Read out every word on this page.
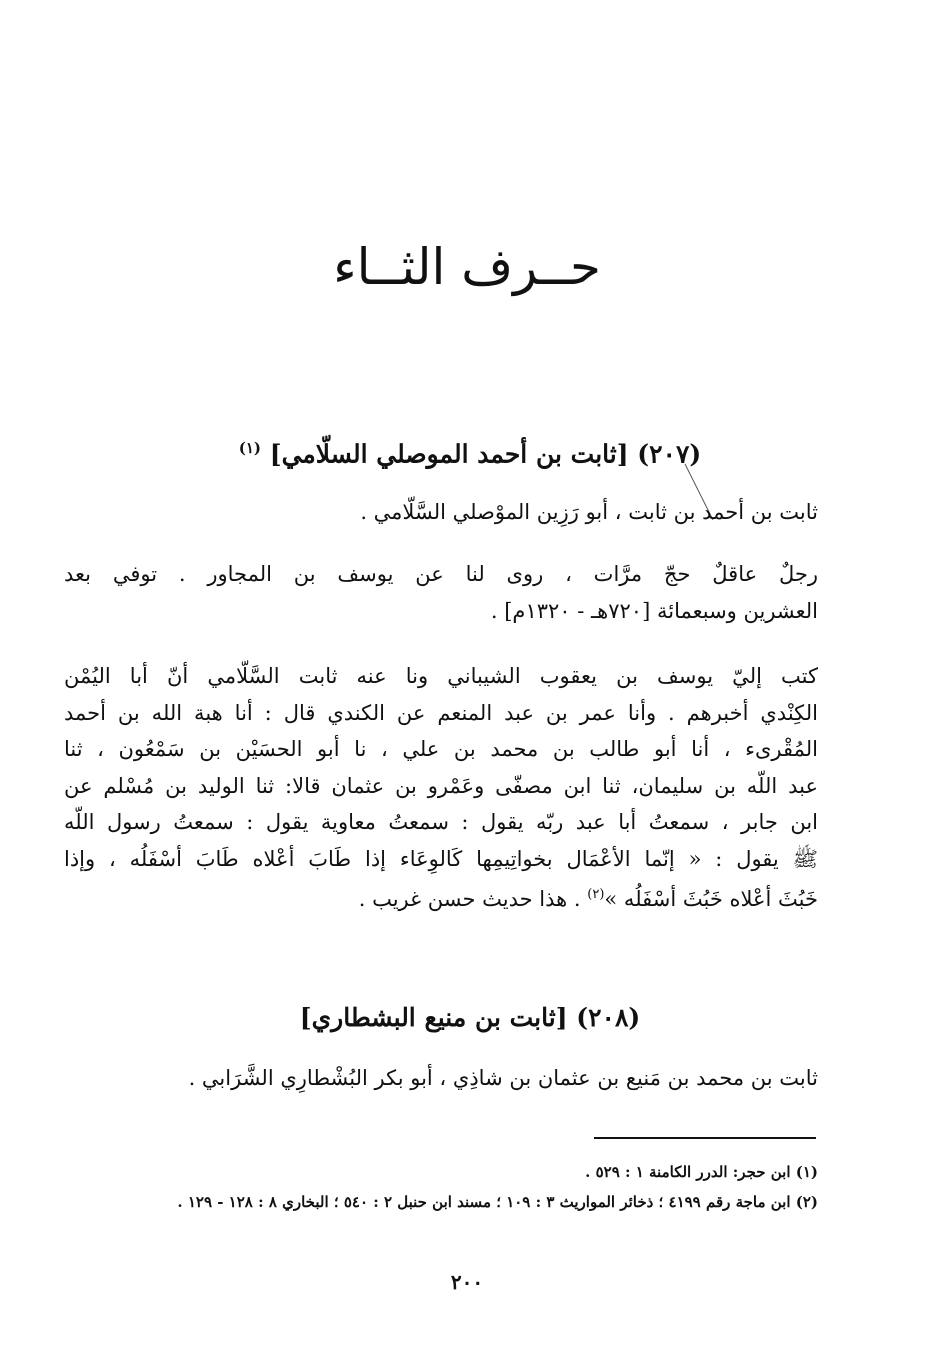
حــرف الثــاء
(٢٠٧) [ثابت بن أحمد الموصلي السلّامي] $^{(١)}$

ثابت بن أحمد بن ثابت ، أبو رَزِين الموْصلي السَّلّامي .

رجلٌ عاقلٌ حجّ مرَّات ، روى لنا عن يوسف بن المجاور . توفي بعد
العشرين وسبعمائة [٧٢٠هـ - ١٣٢٠م] .

كتب إليّ يوسف بن يعقوب الشيباني ونا عنه ثابت السَّلّامي أنّ أبا اليُمْن
الكِنْدي أخبرهم . وأنا عمر بن عبد المنعم عن الكندي قال : أنا هبة الله بن أحمد
المُقْرىء ، أنا أبو طالب بن محمد بن علي ، نا أبو الحسَيْن بن سَمْعُون ، ثنا
عبد اللّه بن سليمان، ثنا ابن مصفّى وعَمْرو بن عثمان قالا: ثنا الوليد بن مُسْلم عن
ابن جابر ، سمعتُ أبا عبد ربّه يقول : سمعتُ معاوية يقول : سمعتُ رسول اللّه
ﷺ يقول : « إنّما الأعْمَال بخواتِيمِها كَالوِعَاء إذا طَابَ أعْلاه طَابَ أسْفَلُه ، وإذا
خَبُثَ أعْلاه خَبُثَ أسْفَلُه »$^{(٢)}$ . هذا حديث حسن غريب .

(٢٠٨) [ثابت بن منيع البشطاري]

ثابت بن محمد بن مَنيع بن عثمان بن شاذِي ، أبو بكر البُشْطارِي الشَّرَابي .

(١) ابن حجر: الدرر الكامنة ١ : ٥٢٩ .
(٢) ابن ماجة رقم ٤١٩٩ ؛ ذخائر المواريث ٣ : ١٠٩ ؛ مسند ابن حنبل ٢ : ٥٤٠ ؛ البخاري ٨ : ١٢٨ - ١٢٩ .
٢٠٠
